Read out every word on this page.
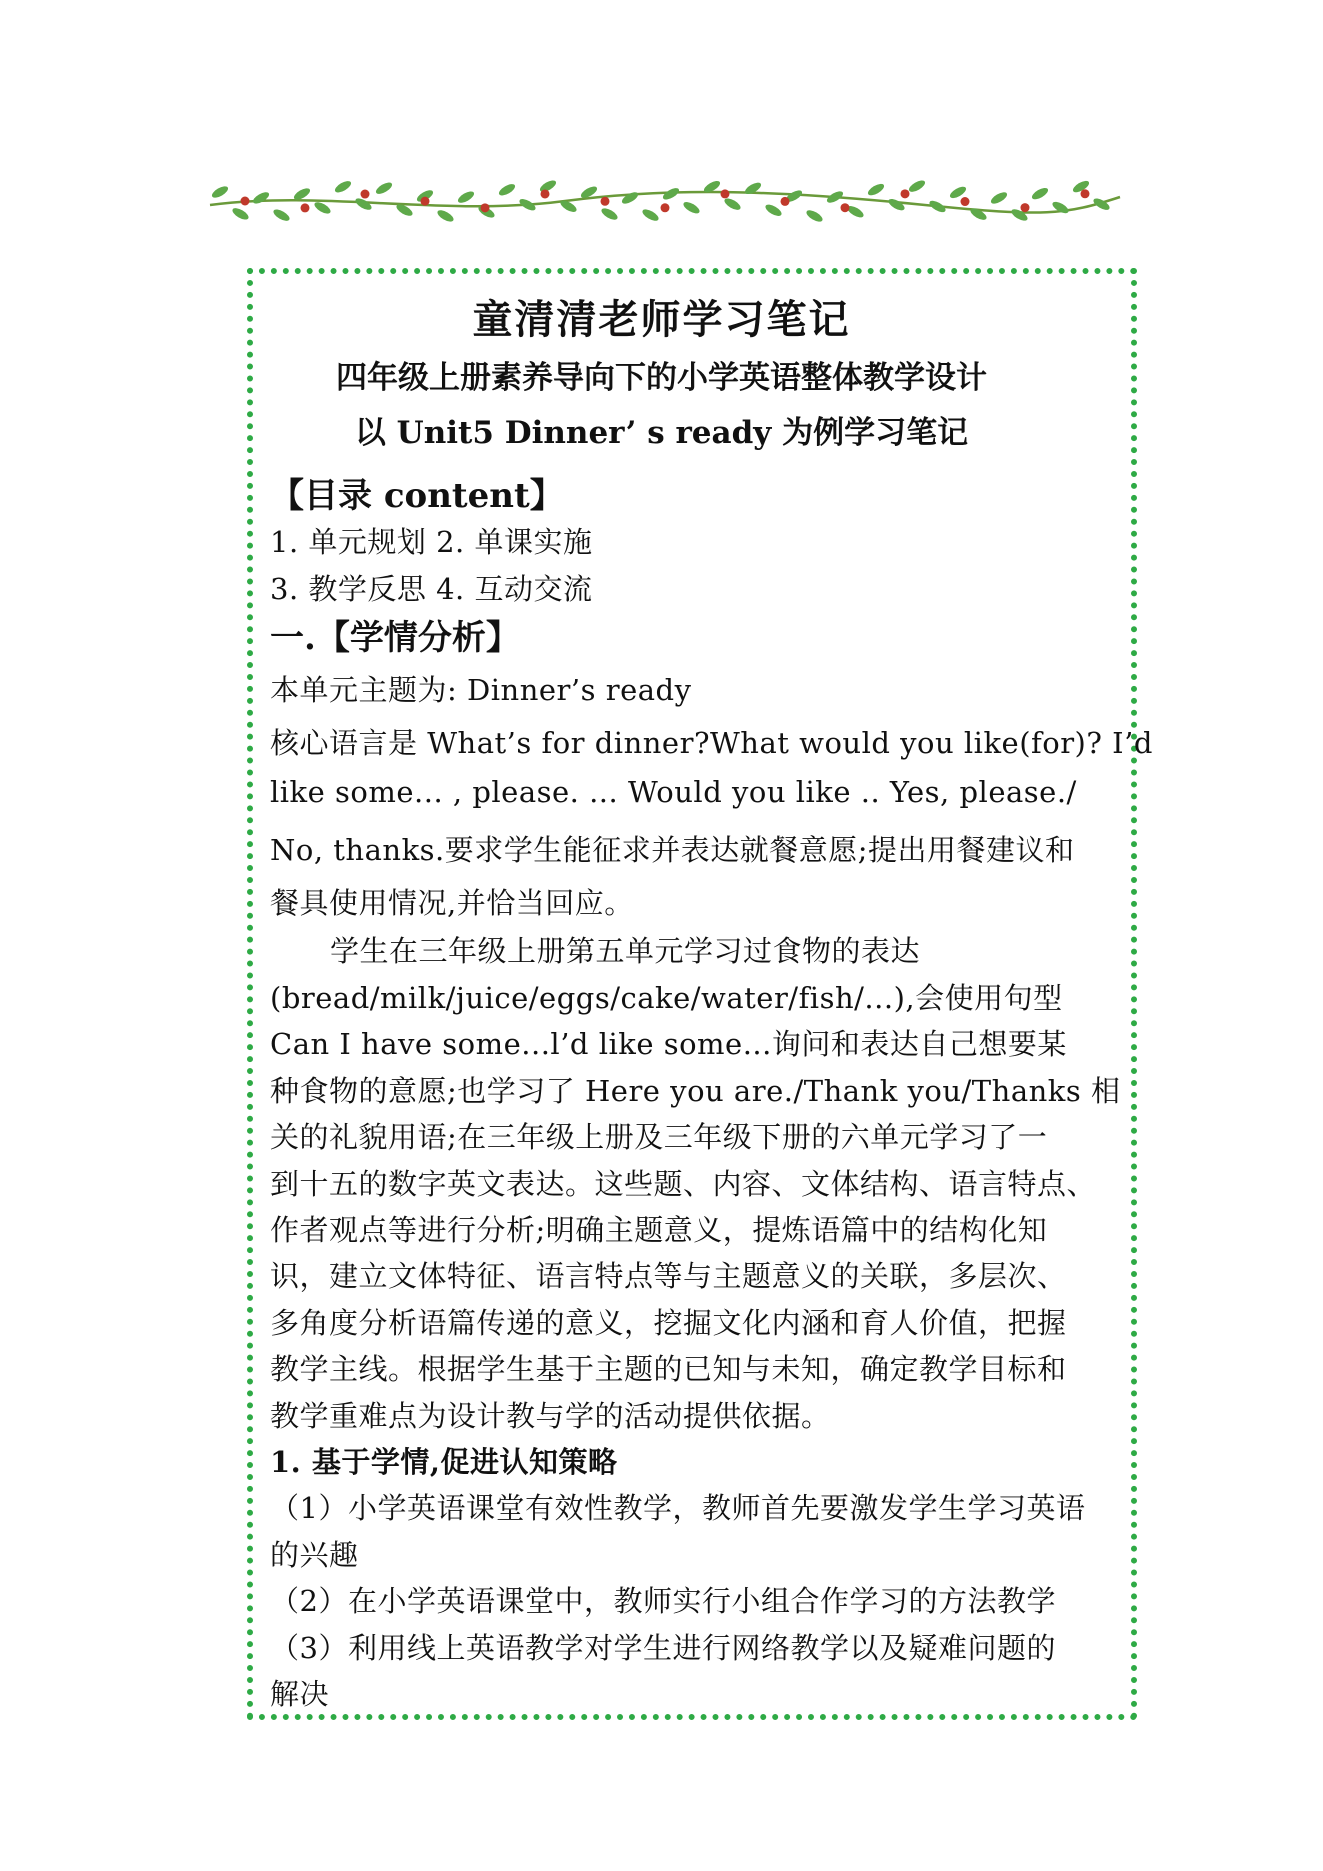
童清清老师学习笔记
四年级上册素养导向下的小学英语整体教学设计
以 Unit5 Dinner’ s ready 为例学习笔记
【目录 content】
1. 单元规划 2. 单课实施
3. 教学反思 4. 互动交流
一.【学情分析】
本单元主题为: Dinner’s ready
核心语言是 What’s for dinner?What would you like(for)? I’d
like some... , please. ... Would you like .. Yes, please./
No, thanks.要求学生能征求并表达就餐意愿;提出用餐建议和
餐具使用情况,并恰当回应。
学生在三年级上册第五单元学习过食物的表达
(bread/milk/juice/eggs/cake/water/fish/...),会使用句型
Can I have some...l’d like some...询问和表达自己想要某
种食物的意愿;也学习了 Here you are./Thank you/Thanks 相
关的礼貌用语;在三年级上册及三年级下册的六单元学习了一
到十五的数字英文表达。这些题、内容、文体结构、语言特点、
作者观点等进行分析;明确主题意义，提炼语篇中的结构化知
识，建立文体特征、语言特点等与主题意义的关联，多层次、
多角度分析语篇传递的意义，挖掘文化内涵和育人价值，把握
教学主线。根据学生基于主题的已知与未知，确定教学目标和
教学重难点为设计教与学的活动提供依据。
1. 基于学情,促进认知策略
（1）小学英语课堂有效性教学，教师首先要激发学生学习英语
的兴趣
（2）在小学英语课堂中，教师实行小组合作学习的方法教学
（3）利用线上英语教学对学生进行网络教学以及疑难问题的
解决
